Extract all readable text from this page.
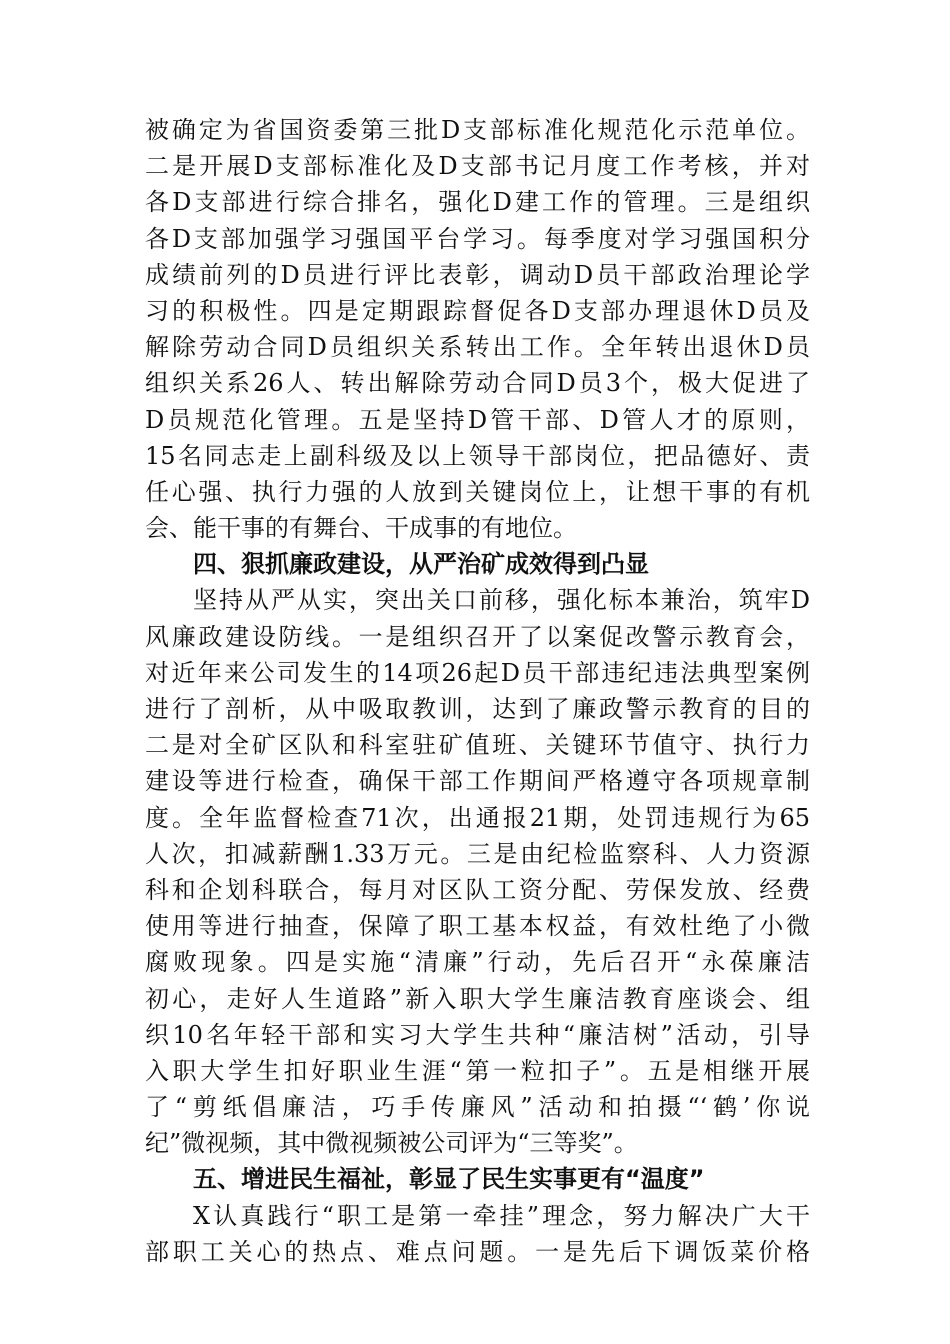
被确定为省国资委第三批D支部标准化规范化示范单位。
二是开展D支部标准化及D支部书记月度工作考核，并对
各D支部进行综合排名，强化D建工作的管理。三是组织
各D支部加强学习强国平台学习。每季度对学习强国积分
成绩前列的D员进行评比表彰，调动D员干部政治理论学
习的积极性。四是定期跟踪督促各D支部办理退休D员及
解除劳动合同D员组织关系转出工作。全年转出退休D员
组织关系26人、转出解除劳动合同D员3个，极大促进了
D员规范化管理。五是坚持D管干部、D管人才的原则，
15名同志走上副科级及以上领导干部岗位，把品德好、责
任心强、执行力强的人放到关键岗位上，让想干事的有机
会、能干事的有舞台、干成事的有地位。
四、狠抓廉政建设，从严治矿成效得到凸显
坚持从严从实，突出关口前移，强化标本兼治，筑牢D
风廉政建设防线。一是组织召开了以案促改警示教育会，
对近年来公司发生的14项26起D员干部违纪违法典型案例
进行了剖析，从中吸取教训，达到了廉政警示教育的目的
二是对全矿区队和科室驻矿值班、关键环节值守、执行力
建设等进行检查，确保干部工作期间严格遵守各项规章制
度。全年监督检查71次，出通报21期，处罚违规行为65
人次，扣减薪酬1.33万元。三是由纪检监察科、人力资源
科和企划科联合，每月对区队工资分配、劳保发放、经费
使用等进行抽查，保障了职工基本权益，有效杜绝了小微
腐败现象。四是实施“清廉”行动，先后召开“永葆廉洁
初心，走好人生道路”新入职大学生廉洁教育座谈会、组
织10名年轻干部和实习大学生共种“廉洁树”活动，引导
入职大学生扣好职业生涯“第一粒扣子”。五是相继开展
了“剪纸倡廉洁，巧手传廉风”活动和拍摄“‘鹤’你说
纪”微视频，其中微视频被公司评为“三等奖”。
五、增进民生福祉，彰显了民生实事更有“温度”
X认真践行“职工是第一牵挂”理念，努力解决广大干
部职工关心的热点、难点问题。一是先后下调饭菜价格
